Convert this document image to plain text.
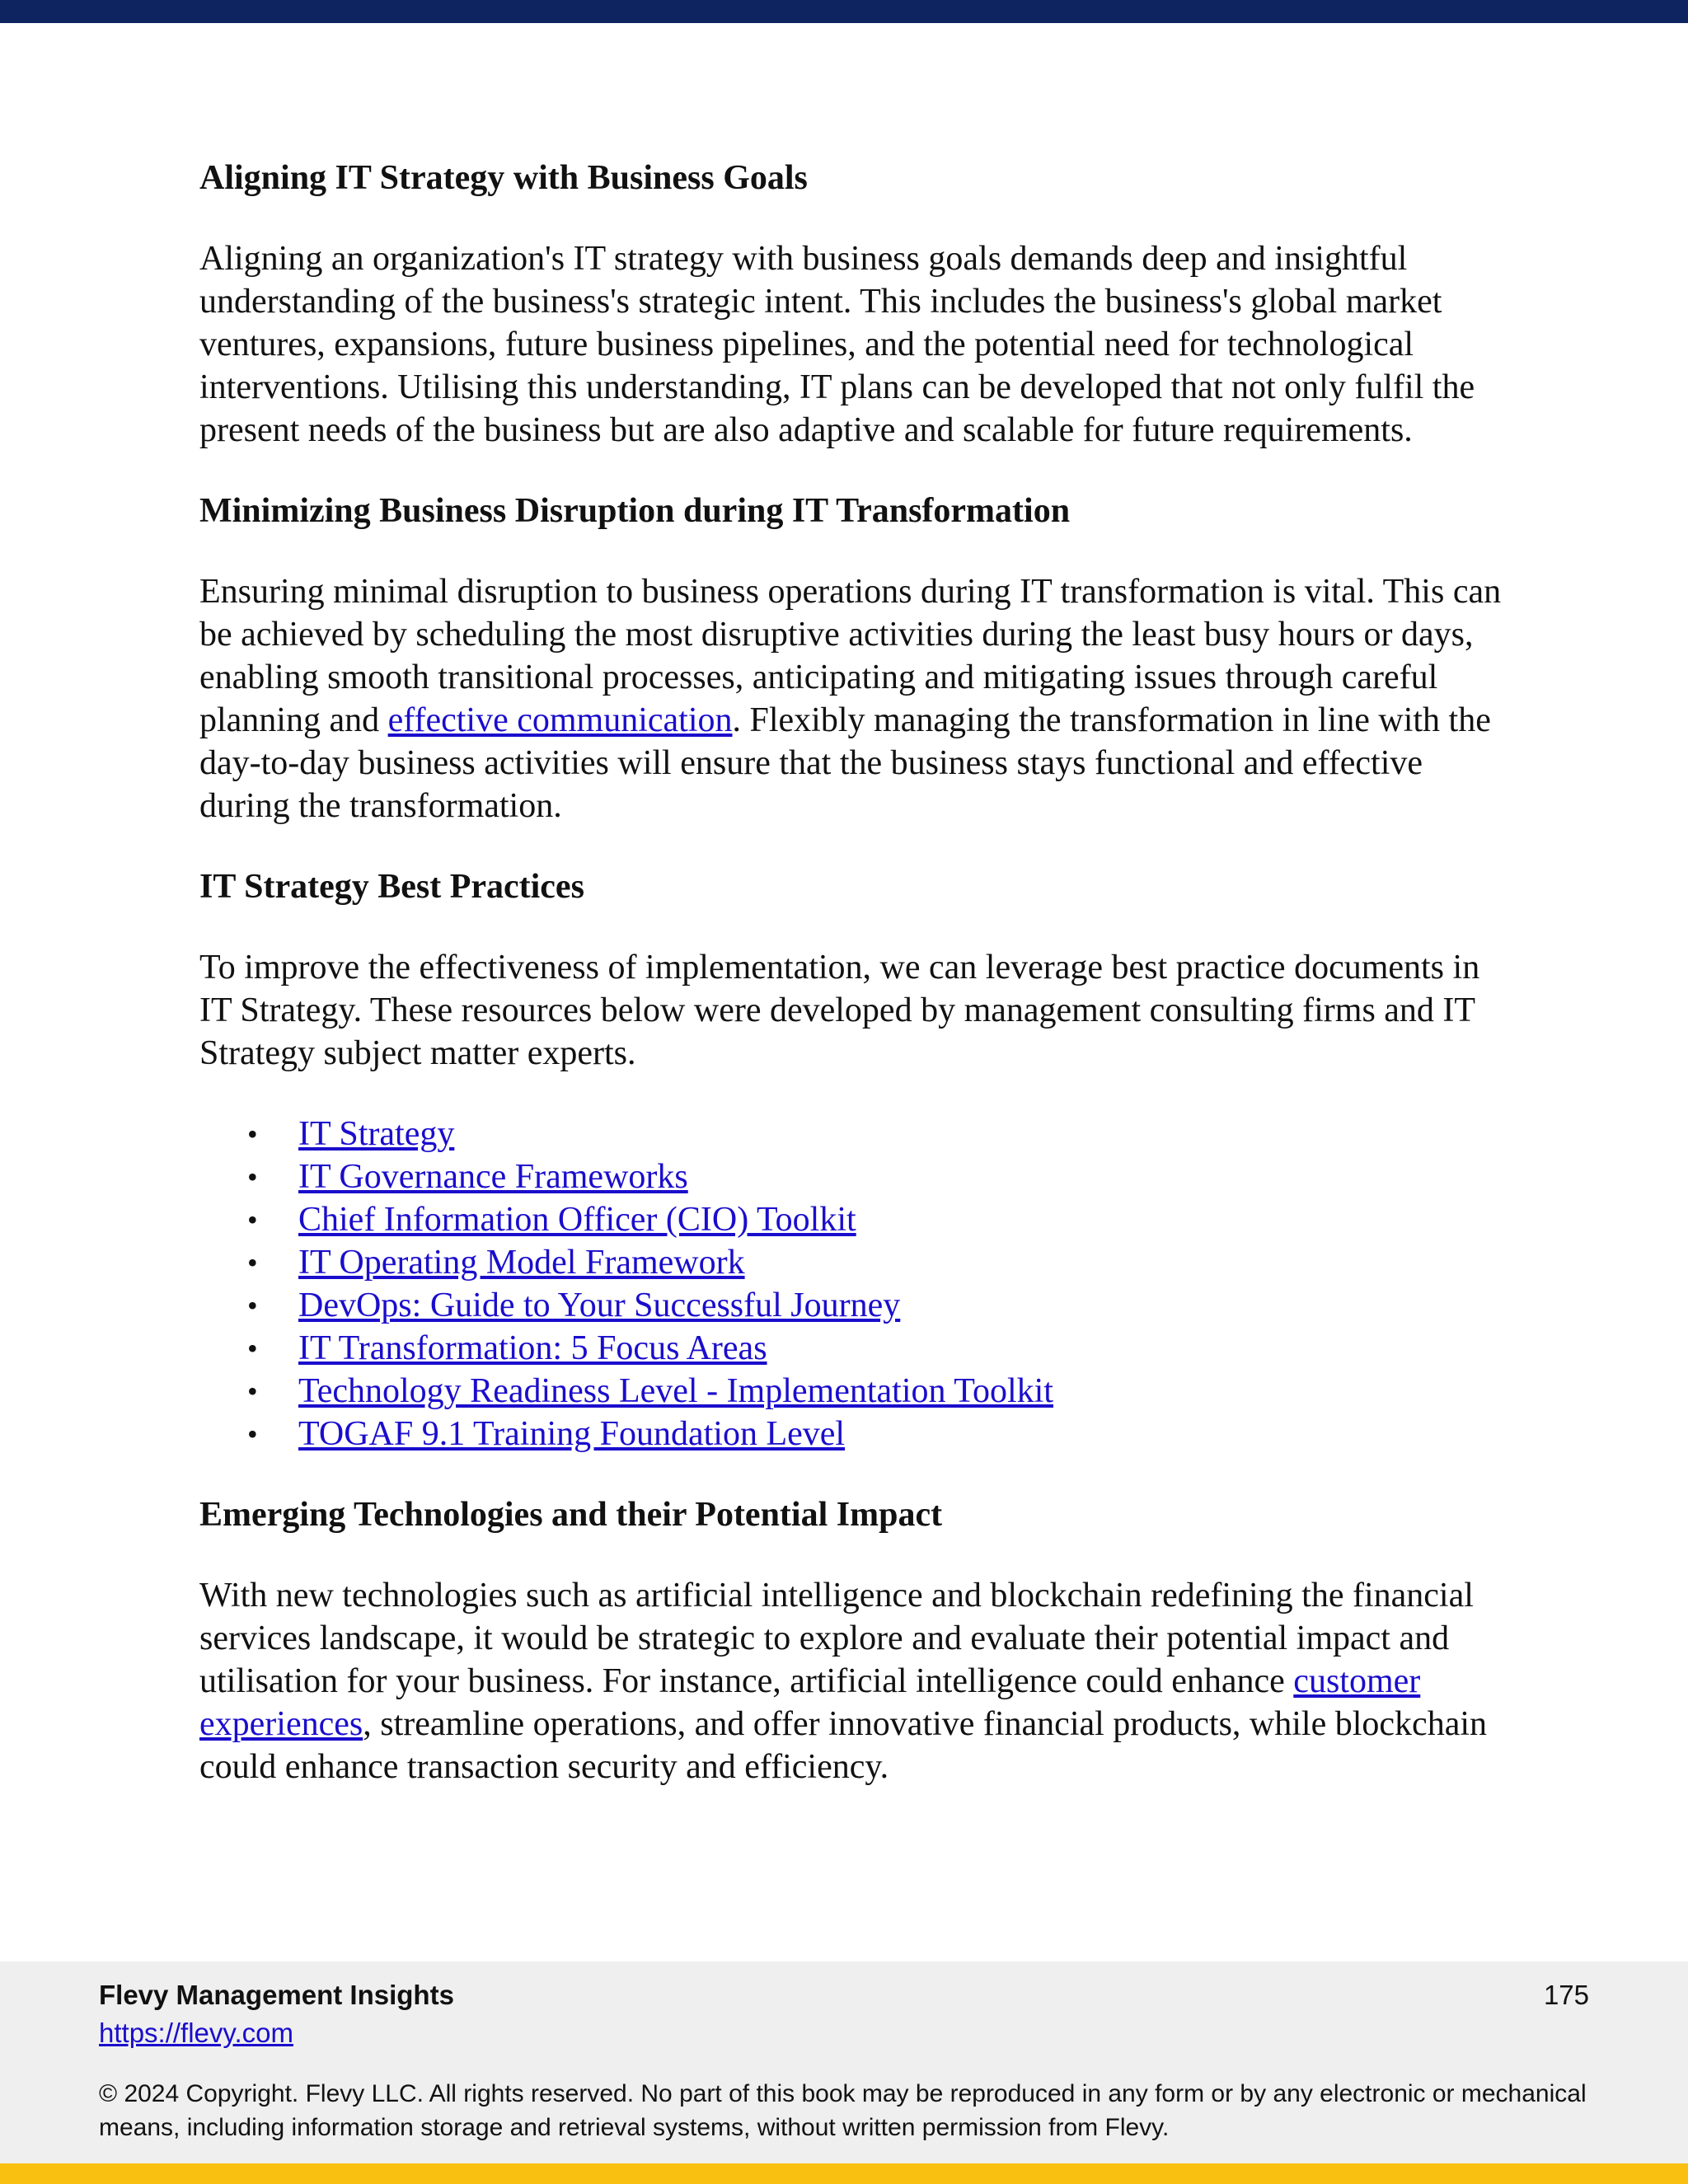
Aligning IT Strategy with Business Goals

Aligning an organization's IT strategy with business goals demands deep and insightful understanding of the business's strategic intent. This includes the business's global market ventures, expansions, future business pipelines, and the potential need for technological interventions. Utilising this understanding, IT plans can be developed that not only fulfil the present needs of the business but are also adaptive and scalable for future requirements.

Minimizing Business Disruption during IT Transformation

Ensuring minimal disruption to business operations during IT transformation is vital. This can be achieved by scheduling the most disruptive activities during the least busy hours or days, enabling smooth transitional processes, anticipating and mitigating issues through careful planning and effective communication. Flexibly managing the transformation in line with the day-to-day business activities will ensure that the business stays functional and effective during the transformation.

IT Strategy Best Practices

To improve the effectiveness of implementation, we can leverage best practice documents in IT Strategy. These resources below were developed by management consulting firms and IT Strategy subject matter experts.

• IT Strategy
• IT Governance Frameworks
• Chief Information Officer (CIO) Toolkit
• IT Operating Model Framework
• DevOps: Guide to Your Successful Journey
• IT Transformation: 5 Focus Areas
• Technology Readiness Level - Implementation Toolkit
• TOGAF 9.1 Training Foundation Level
Emerging Technologies and their Potential Impact

With new technologies such as artificial intelligence and blockchain redefining the financial services landscape, it would be strategic to explore and evaluate their potential impact and utilisation for your business. For instance, artificial intelligence could enhance customer experiences, streamline operations, and offer innovative financial products, while blockchain could enhance transaction security and efficiency.

Flevy Management Insights
https://flevy.com
175
© 2024 Copyright. Flevy LLC. All rights reserved. No part of this book may be reproduced in any form or by any electronic or mechanical means, including information storage and retrieval systems, without written permission from Flevy.
